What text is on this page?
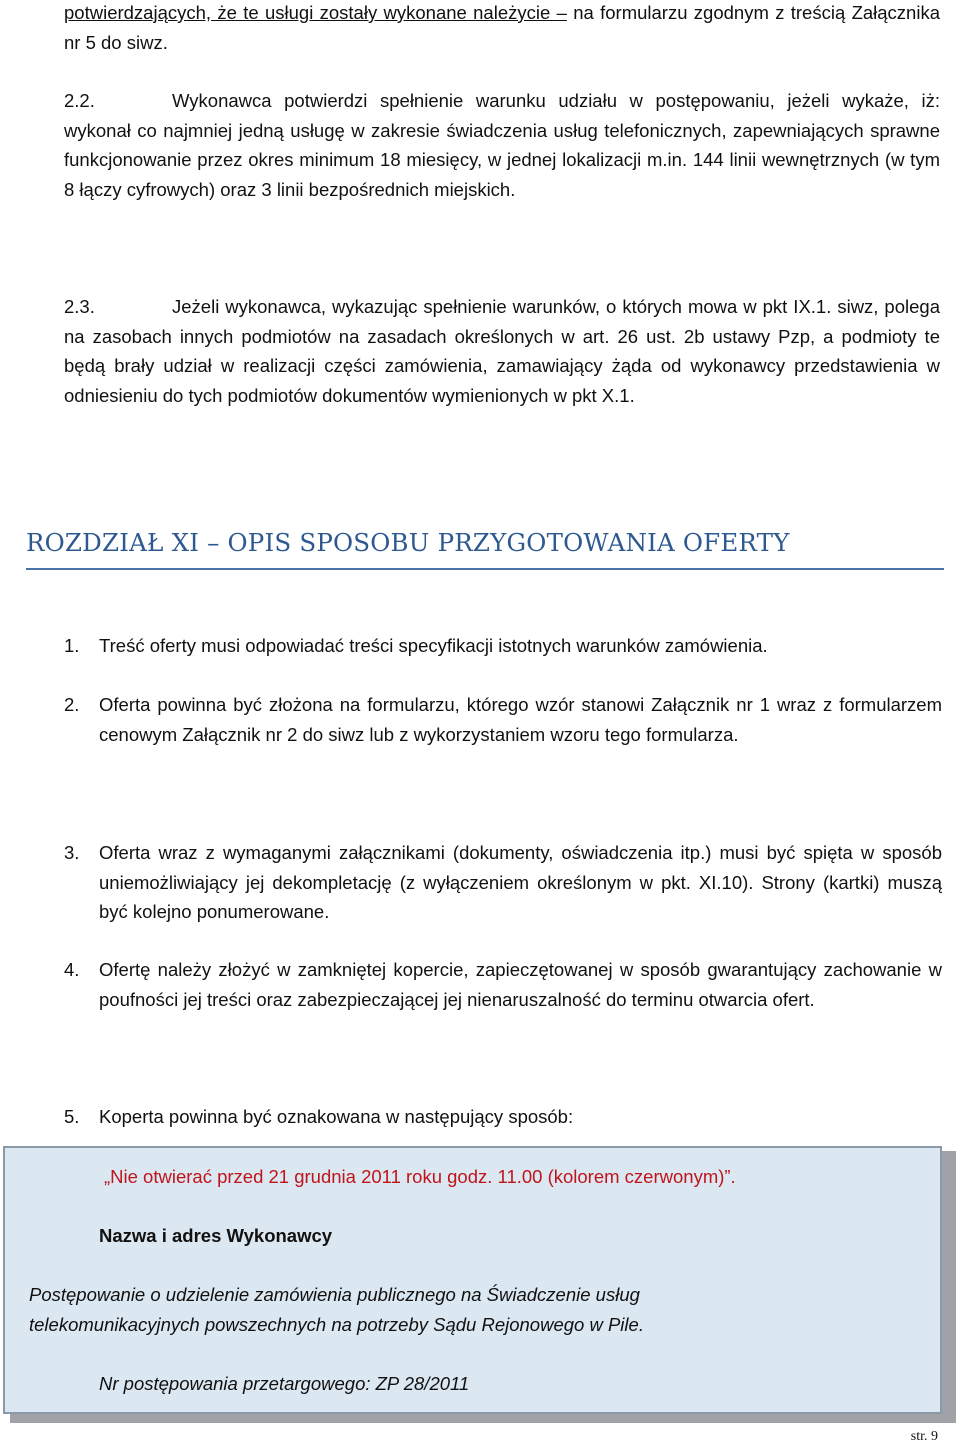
potwierdzających, że te usługi zostały wykonane należycie – na formularzu zgodnym z treścią Załącznika nr 5 do siwz.

2.2.	Wykonawca potwierdzi spełnienie warunku udziału w postępowaniu, jeżeli wykaże, iż: wykonał co najmniej jedną usługę w zakresie świadczenia usług telefonicznych, zapewniających sprawne funkcjonowanie przez okres minimum 18 miesięcy, w jednej lokalizacji m.in. 144 linii wewnętrznych (w tym 8 łączy cyfrowych) oraz 3 linii bezpośrednich miejskich.

2.3.	Jeżeli wykonawca, wykazując spełnienie warunków, o których mowa w pkt IX.1. siwz, polega na zasobach innych podmiotów na zasadach określonych w art. 26 ust. 2b ustawy Pzp, a podmioty te będą brały udział w realizacji części zamówienia, zamawiający żąda od wykonawcy przedstawienia w odniesieniu do tych podmiotów dokumentów wymienionych w pkt X.1.

ROZDZIAŁ XI – OPIS SPOSOBU PRZYGOTOWANIA OFERTY
1. Treść oferty musi odpowiadać treści specyfikacji istotnych warunków zamówienia.
2. Oferta powinna być złożona na formularzu, którego wzór stanowi Załącznik nr 1 wraz z formularzem cenowym Załącznik nr 2 do siwz lub z wykorzystaniem wzoru tego formularza.
3. Oferta wraz z wymaganymi załącznikami (dokumenty, oświadczenia itp.) musi być spięta w sposób uniemożliwiający jej dekompletację (z wyłączeniem określonym w pkt. XI.10). Strony (kartki) muszą być kolejno ponumerowane.
4. Ofertę należy złożyć w zamkniętej kopercie, zapieczętowanej w sposób gwarantujący zachowanie w poufności jej treści oraz zabezpieczającej jej nienaruszalność do terminu otwarcia ofert.
5. Koperta powinna być oznakowana w następujący sposób:
„Nie otwierać przed 21 grudnia 2011 roku godz. 11.00 (kolorem czerwonym)”.
Nazwa i adres Wykonawcy
Postępowanie o udzielenie zamówienia publicznego na Świadczenie usług
telekomunikacyjnych powszechnych na potrzeby Sądu Rejonowego w Pile.
Nr postępowania przetargowego: ZP 28/2011
str. 9
